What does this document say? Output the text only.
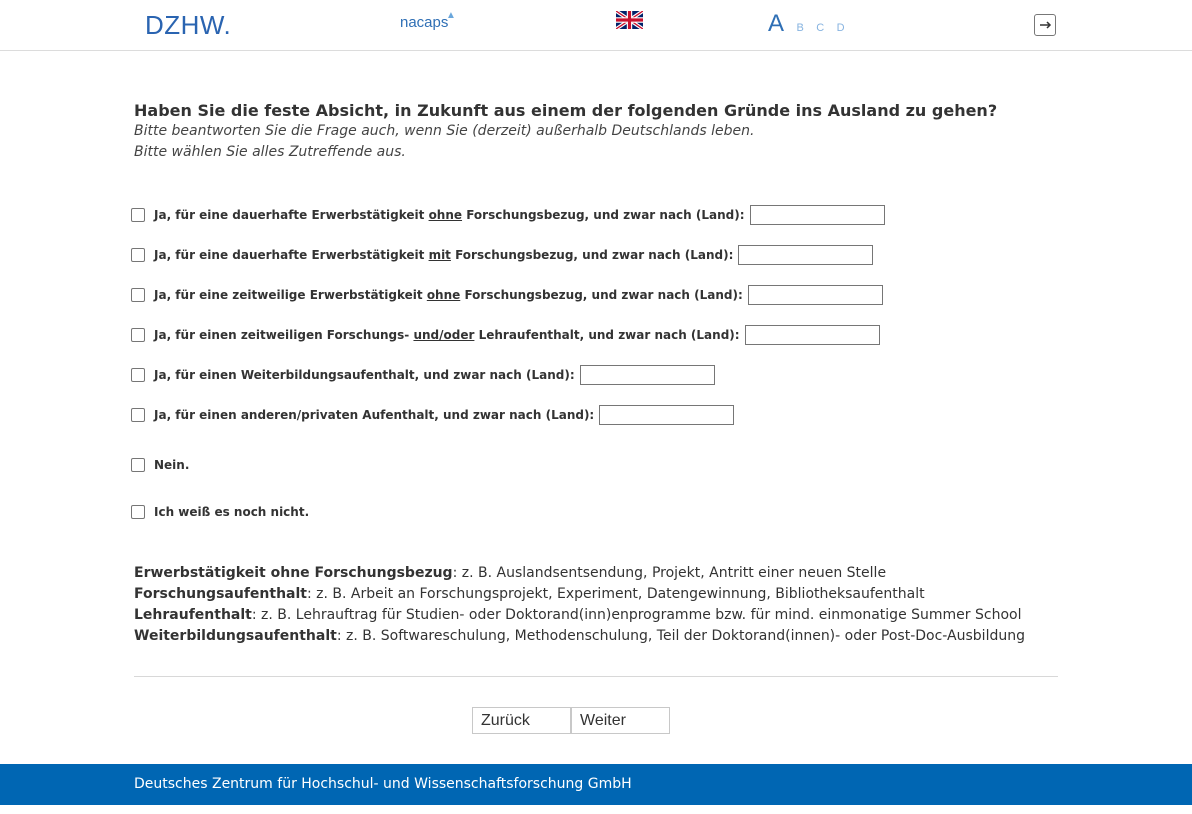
DZHW.	nacaps
▲	A B C D
Haben Sie die feste Absicht, in Zukunft aus einem der folgenden Gründe ins Ausland zu gehen?
Bitte beantworten Sie die Frage auch, wenn Sie (derzeit) außerhalb Deutschlands leben.
Bitte wählen Sie alles Zutreffende aus.
Ja, für eine dauerhafte Erwerbstätigkeit ohne Forschungsbezug, und zwar nach (Land):
Ja, für eine dauerhafte Erwerbstätigkeit mit Forschungsbezug, und zwar nach (Land):
Ja, für eine zeitweilige Erwerbstätigkeit ohne Forschungsbezug, und zwar nach (Land):
Ja, für einen zeitweiligen Forschungs- und/oder Lehraufenthalt, und zwar nach (Land):
Ja, für einen Weiterbildungsaufenthalt, und zwar nach (Land):
Ja, für einen anderen/privaten Aufenthalt, und zwar nach (Land):
Nein.
Ich weiß es noch nicht.
Erwerbstätigkeit ohne Forschungsbezug: z. B. Auslandsentsendung, Projekt, Antritt einer neuen Stelle
Forschungsaufenthalt: z. B. Arbeit an Forschungsprojekt, Experiment, Datengewinnung, Bibliotheksaufenthalt
Lehraufenthalt: z. B. Lehrauftrag für Studien- oder Doktorand(inn)enprogramme bzw. für mind. einmonatige Summer School
Weiterbildungsaufenthalt: z. B. Softwareschulung, Methodenschulung, Teil der Doktorand(innen)- oder Post-Doc-Ausbildung
Zurück	Weiter
Deutsches Zentrum für Hochschul- und Wissenschaftsforschung GmbH
